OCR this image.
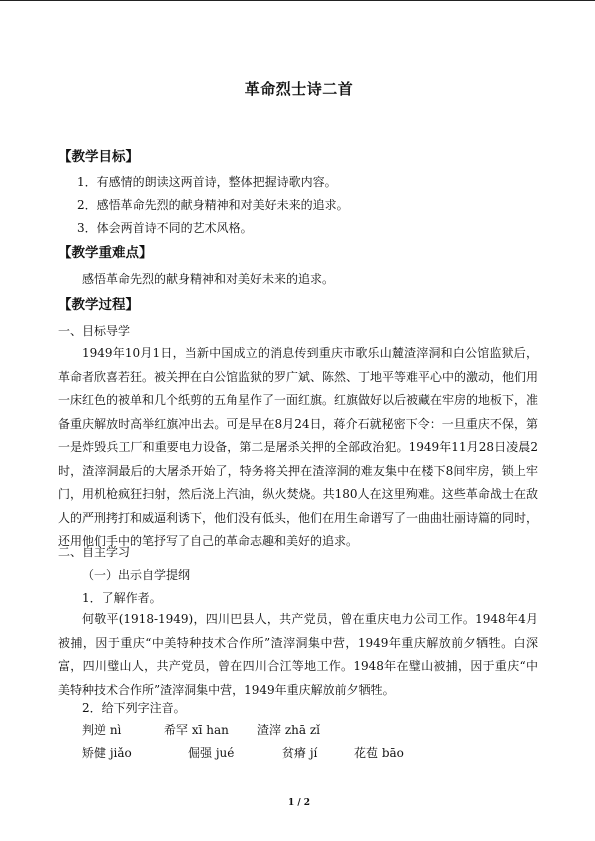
革命烈士诗二首
【教学目标】
1．有感情的朗读这两首诗，整体把握诗歌内容。
2．感悟革命先烈的献身精神和对美好未来的追求。
3．体会两首诗不同的艺术风格。
【教学重难点】
感悟革命先烈的献身精神和对美好未来的追求。
【教学过程】
一、目标导学
1949年10月1日，当新中国成立的消息传到重庆市歌乐山麓渣滓洞和白公馆监狱后，革命者欣喜若狂。被关押在白公馆监狱的罗广斌、陈然、丁地平等难平心中的激动，他们用一床红色的被单和几个纸剪的五角星作了一面红旗。红旗做好以后被藏在牢房的地板下，准备重庆解放时高举红旗冲出去。可是早在8月24日，蒋介石就秘密下令：一旦重庆不保，第一是炸毁兵工厂和重要电力设备，第二是屠杀关押的全部政治犯。1949年11月28日凌晨2时，渣滓洞最后的大屠杀开始了，特务将关押在渣滓洞的难友集中在楼下8间牢房，锁上牢门，用机枪疯狂扫射，然后浇上汽油，纵火焚烧。共180人在这里殉难。这些革命战士在敌人的严刑拷打和威逼利诱下，他们没有低头，他们在用生命谱写了一曲曲壮丽诗篇的同时，还用他们手中的笔抒写了自己的革命志趣和美好的追求。
二、自主学习
（一）出示自学提纲
1．了解作者。
何敬平(1918-1949)，四川巴县人，共产党员，曾在重庆电力公司工作。1948年4月被捕，因于重庆“中美特种技术合作所”渣滓洞集中营，1949年重庆解放前夕牺牲。白深富，四川璧山人，共产党员，曾在四川合江等地工作。1948年在璧山被捕，因于重庆“中美特种技术合作所”渣滓洞集中营，1949年重庆解放前夕牺牲。
2．给下列字注音。
判逆 nì	希罕 xī han 渣滓 zhā zǐ
矫健 jiǎo	倔强 jué	贫瘠 jí	花苞 bāo
1 / 2
